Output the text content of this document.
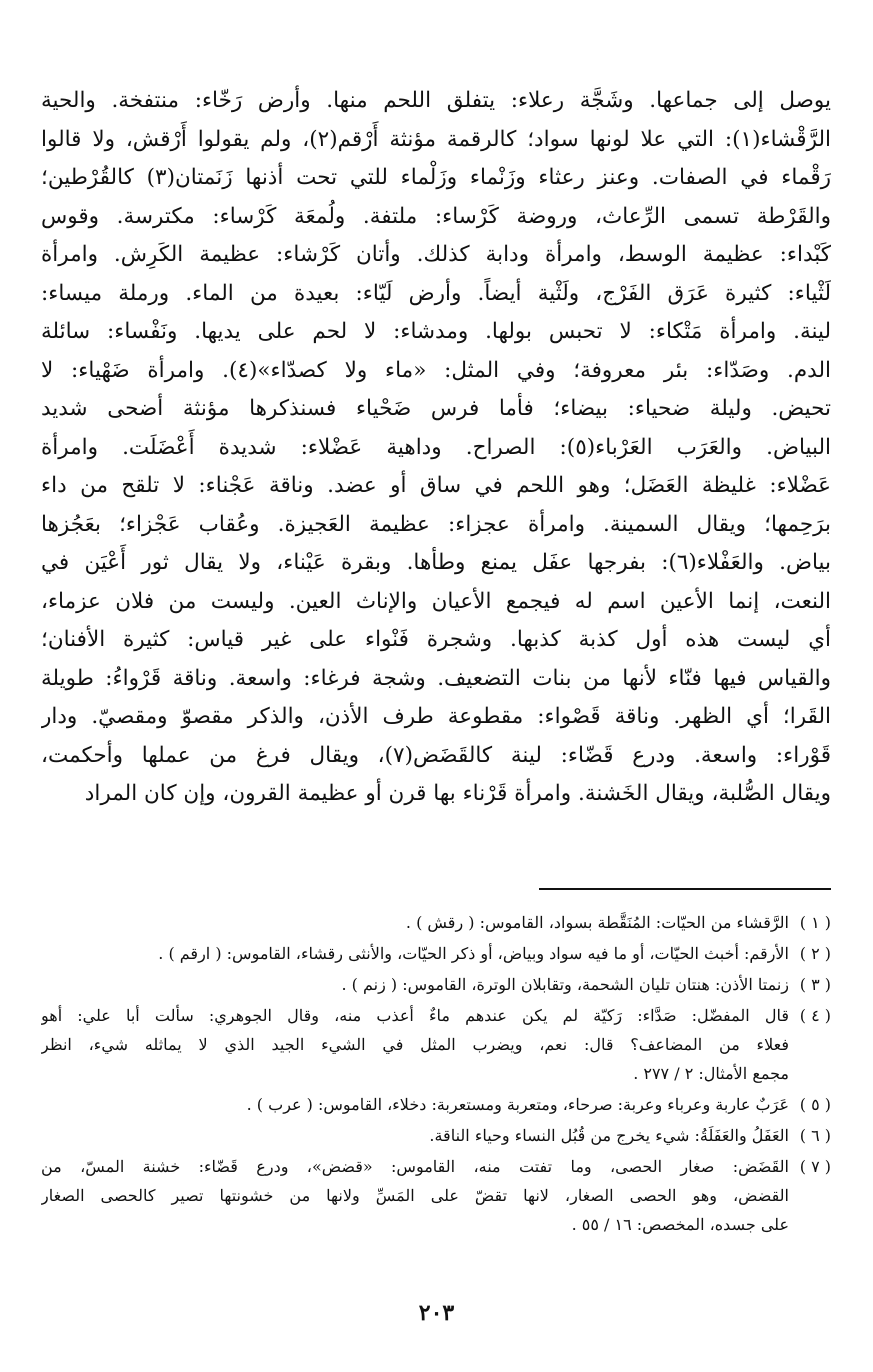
يوصل إلى جماعها. وشَجَّة رعلاء: يتفلق اللحم منها. وأرض رَخّاء: منتفخة. والحية
الرَّقْشاء(١): التي علا لونها سواد؛ كالرقمة مؤنثة أَرْقم(٢)، ولم يقولوا أَرْقش، ولا قالوا
رَقْماء في الصفات. وعنز رعثاء وزَنْماء وزَلْماء للتي تحت أذنها زَنَمتان(٣) كالقُرْطين؛
والقَرْطة تسمى الرِّعاث، وروضة كَرْساء: ملتفة. ولُمعَة كَرْساء: مكترسة. وقوس
كَبْداء: عظيمة الوسط، وامرأة ودابة كذلك. وأتان كَرْشاء: عظيمة الكَرِش. وامرأة
لَثْياء: كثيرة عَرَق الفَرْج، ولَثْية أيضاً. وأرض لَيّاء: بعيدة من الماء. ورملة ميساء:
لينة. وامرأة مَتْكاء: لا تحبس بولها. ومدشاء: لا لحم على يديها. ونَفْساء: سائلة
الدم. وصَدّاء: بئر معروفة؛ وفي المثل: «ماء ولا كصدّاء»(٤). وامرأة ضَهْياء: لا
تحيض. وليلة ضحياء: بيضاء؛ فأما فرس ضَحْياء فسنذكرها مؤنثة أضحى شديد
البياض. والعَرَب العَرْباء(٥): الصراح. وداهية عَضْلاء: شديدة أَعْضَلَت. وامرأة
عَضْلاء: غليظة العَضَل؛ وهو اللحم في ساق أو عضد. وناقة عَجْناء: لا تلقح من داء
برَحِمها؛ ويقال السمينة. وامرأة عجزاء: عظيمة العَجيزة. وعُقاب عَجْزاء؛ بعَجُزها
بياض. والعَفْلاء(٦): بفرجها عفَل يمنع وطأها. وبقرة عَيْناء، ولا يقال ثور أَعْيَن في
النعت، إنما الأعين اسم له فيجمع الأعيان والإناث العين. وليست من فلان عزماء،
أي ليست هذه أول كذبة كذبها. وشجرة فَنْواء على غير قياس: كثيرة الأفنان؛
والقياس فيها فنّاء لأنها من بنات التضعيف. وشجة فرغاء: واسعة. وناقة قَرْواءُ: طويلة
القَرا؛ أي الظهر. وناقة قَصْواء: مقطوعة طرف الأذن، والذكر مقصوّ ومقصيّ. ودار
قَوْراء: واسعة. ودرع قَضّاء: لينة كالقَضَض(٧)، ويقال فرغ من عملها وأحكمت،
ويقال الصُّلبة، ويقال الخَشنة. وامرأة قَرْناء بها قرن أو عظيمة القرون، وإن كان المراد
( ١ )
الرَّقشاء من الحيّات: المُنَقَّطة بسواد، القاموس: ( رقش ) .
( ٢ )
الأرقم: أخبث الحيّات، أو ما فيه سواد وبياض، أو ذكر الحيّات، والأنثى رقشاء، القاموس: ( ارقم ) .
( ٣ )
زنمتا الأذن: هنتان تليان الشحمة، وتقابلان الوترة، القاموس: ( زنم ) .
( ٤ )
قال المفضّل: صَدَّاء: رَكيّة لم يكن عندهم ماءٌ أعذب منه، وقال الجوهري: سألت أبا علي: أهو
فعلاء من المضاعف؟ قال: نعم، ويضرب المثل في الشيء الجيد الذي لا يماثله شيء، انظر
مجمع الأمثال: ٢ / ٢٧٧ .
( ٥ )
عَرَبٌ عاربة وعرباء وعربة: صرحاء، ومتعربة ومستعربة: دخلاء، القاموس: ( عرب ) .
( ٦ )
العَفَلُ والعَفَلَةُ: شيء يخرج من قُبُل النساء وحياء الناقة.
( ٧ )
القَضَض: صغار الحصى، وما تفتت منه، القاموس: «قضض»، ودرع قَضّاء: خشنة المسّ، من
القضض، وهو الحصى الصغار، لانها تقضّ على المَسِّ ولانها من خشونتها تصير كالحصى الصغار
على جسده، المخصص: ١٦ / ٥٥ .
٢٠٣
